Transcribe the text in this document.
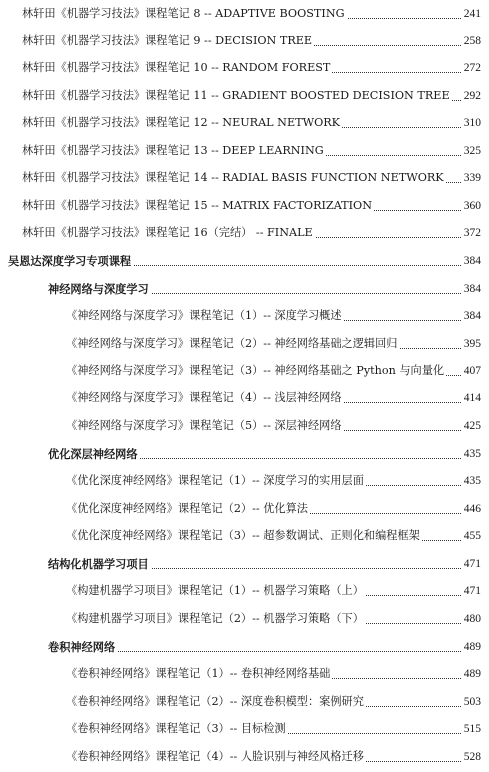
林轩田《机器学习技法》课程笔记 8 -- ADAPTIVE BOOSTING	241
林轩田《机器学习技法》课程笔记 9 -- DECISION TREE	258
林轩田《机器学习技法》课程笔记 10 -- RANDOM FOREST	272
林轩田《机器学习技法》课程笔记 11 -- GRADIENT BOOSTED DECISION TREE 292
林轩田《机器学习技法》课程笔记 12 -- NEURAL NETWORK	310
林轩田《机器学习技法》课程笔记 13 -- DEEP LEARNING	325
林轩田《机器学习技法》课程笔记 14 -- RADIAL BASIS FUNCTION NETWORK 339
林轩田《机器学习技法》课程笔记 15 -- MATRIX FACTORIZATION	360
林轩田《机器学习技法》课程笔记 16（完结） -- FINALE	372
吴恩达深度学习专项课程	384
神经网络与深度学习	384
《神经网络与深度学习》课程笔记（1）-- 深度学习概述	384
《神经网络与深度学习》课程笔记（2）-- 神经网络基础之逻辑回归	395
《神经网络与深度学习》课程笔记（3）-- 神经网络基础之 Python 与向量化 407
《神经网络与深度学习》课程笔记（4）-- 浅层神经网络	414
《神经网络与深度学习》课程笔记（5）-- 深层神经网络	425
优化深层神经网络	435
《优化深度神经网络》课程笔记（1）-- 深度学习的实用层面	435
《优化深度神经网络》课程笔记（2）-- 优化算法	446
《优化深度神经网络》课程笔记（3）-- 超参数调试、正则化和编程框架	455
结构化机器学习项目	471
《构建机器学习项目》课程笔记（1）-- 机器学习策略（上）	471
《构建机器学习项目》课程笔记（2）-- 机器学习策略（下）	480
卷积神经网络	489
《卷积神经网络》课程笔记（1）-- 卷积神经网络基础	489
《卷积神经网络》课程笔记（2）-- 深度卷积模型：案例研究	503
《卷积神经网络》课程笔记（3）-- 目标检测	515
《卷积神经网络》课程笔记（4）-- 人脸识别与神经风格迁移	528
